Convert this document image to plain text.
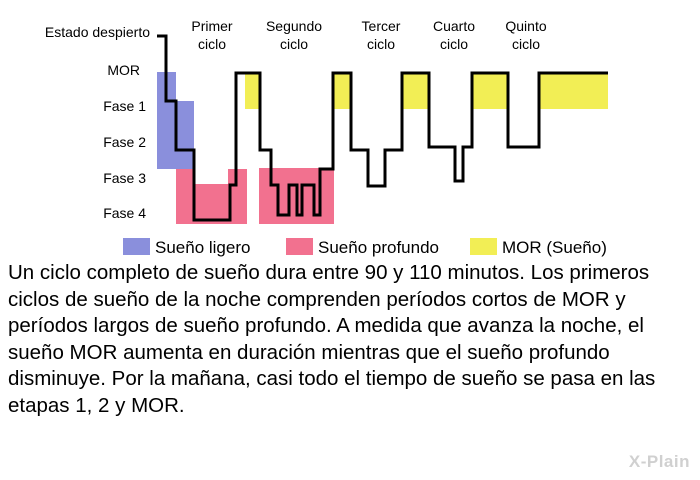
Estado despierto
MOR
Fase 1
Fase 2
Fase 3
Fase 4
Primer
ciclo
Segundo
ciclo
Tercer
ciclo
Cuarto
ciclo
Quinto
ciclo
Sueño ligero	Sueño profundo	MOR (Sueño)

Un ciclo completo de sueño dura entre 90 y 110 minutos. Los primeros ciclos de sueño de la noche comprenden períodos cortos de MOR y períodos largos de sueño profundo. A medida que avanza la noche, el sueño MOR aumenta en duración mientras que el sueño profundo disminuye. Por la mañana, casi todo el tiempo de sueño se pasa en las etapas 1, 2 y MOR.

X-Plain
